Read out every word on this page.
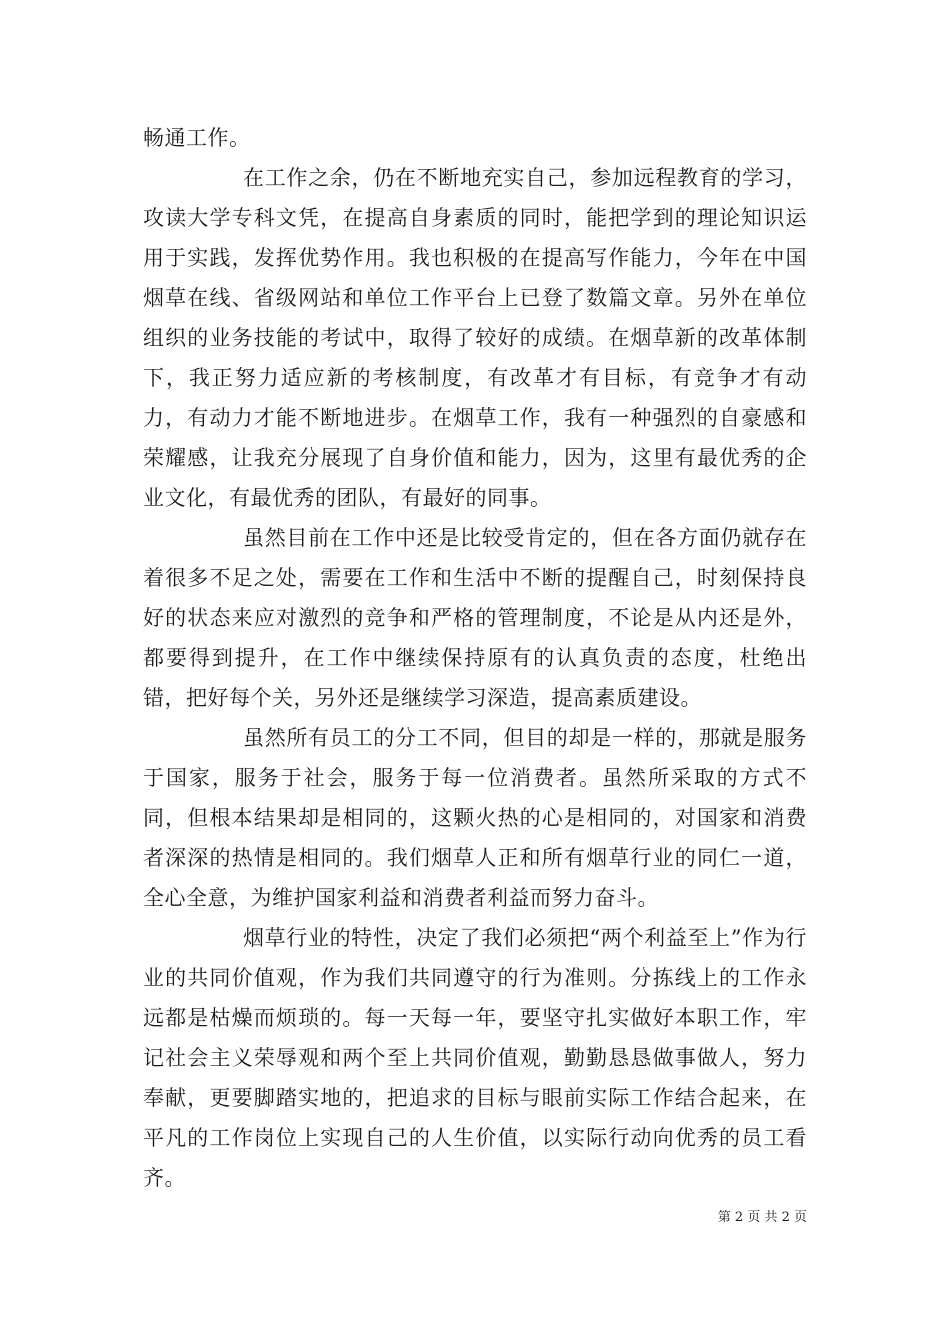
畅通工作。

在工作之余，仍在不断地充实自己，参加远程教育的学习，攻读大学专科文凭，在提高自身素质的同时，能把学到的理论知识运用于实践，发挥优势作用。我也积极的在提高写作能力，今年在中国烟草在线、省级网站和单位工作平台上已登了数篇文章。另外在单位组织的业务技能的考试中，取得了较好的成绩。在烟草新的改革体制下，我正努力适应新的考核制度，有改革才有目标，有竞争才有动力，有动力才能不断地进步。在烟草工作，我有一种强烈的自豪感和荣耀感，让我充分展现了自身价值和能力，因为，这里有最优秀的企业文化，有最优秀的团队，有最好的同事。

虽然目前在工作中还是比较受肯定的，但在各方面仍就存在着很多不足之处，需要在工作和生活中不断的提醒自己，时刻保持良好的状态来应对激烈的竞争和严格的管理制度，不论是从内还是外，都要得到提升，在工作中继续保持原有的认真负责的态度，杜绝出错，把好每个关，另外还是继续学习深造，提高素质建设。

虽然所有员工的分工不同，但目的却是一样的，那就是服务于国家，服务于社会，服务于每一位消费者。虽然所采取的方式不同，但根本结果却是相同的，这颗火热的心是相同的，对国家和消费者深深的热情是相同的。我们烟草人正和所有烟草行业的同仁一道，全心全意，为维护国家利益和消费者利益而努力奋斗。

烟草行业的特性，决定了我们必须把“两个利益至上”作为行业的共同价值观，作为我们共同遵守的行为准则。分拣线上的工作永远都是枯燥而烦琐的。每一天每一年，要坚守扎实做好本职工作，牢记社会主义荣辱观和两个至上共同价值观，勤勤恳恳做事做人，努力奉献，更要脚踏实地的，把追求的目标与眼前实际工作结合起来，在平凡的工作岗位上实现自己的人生价值，以实际行动向优秀的员工看齐。

第 2 页 共 2 页
